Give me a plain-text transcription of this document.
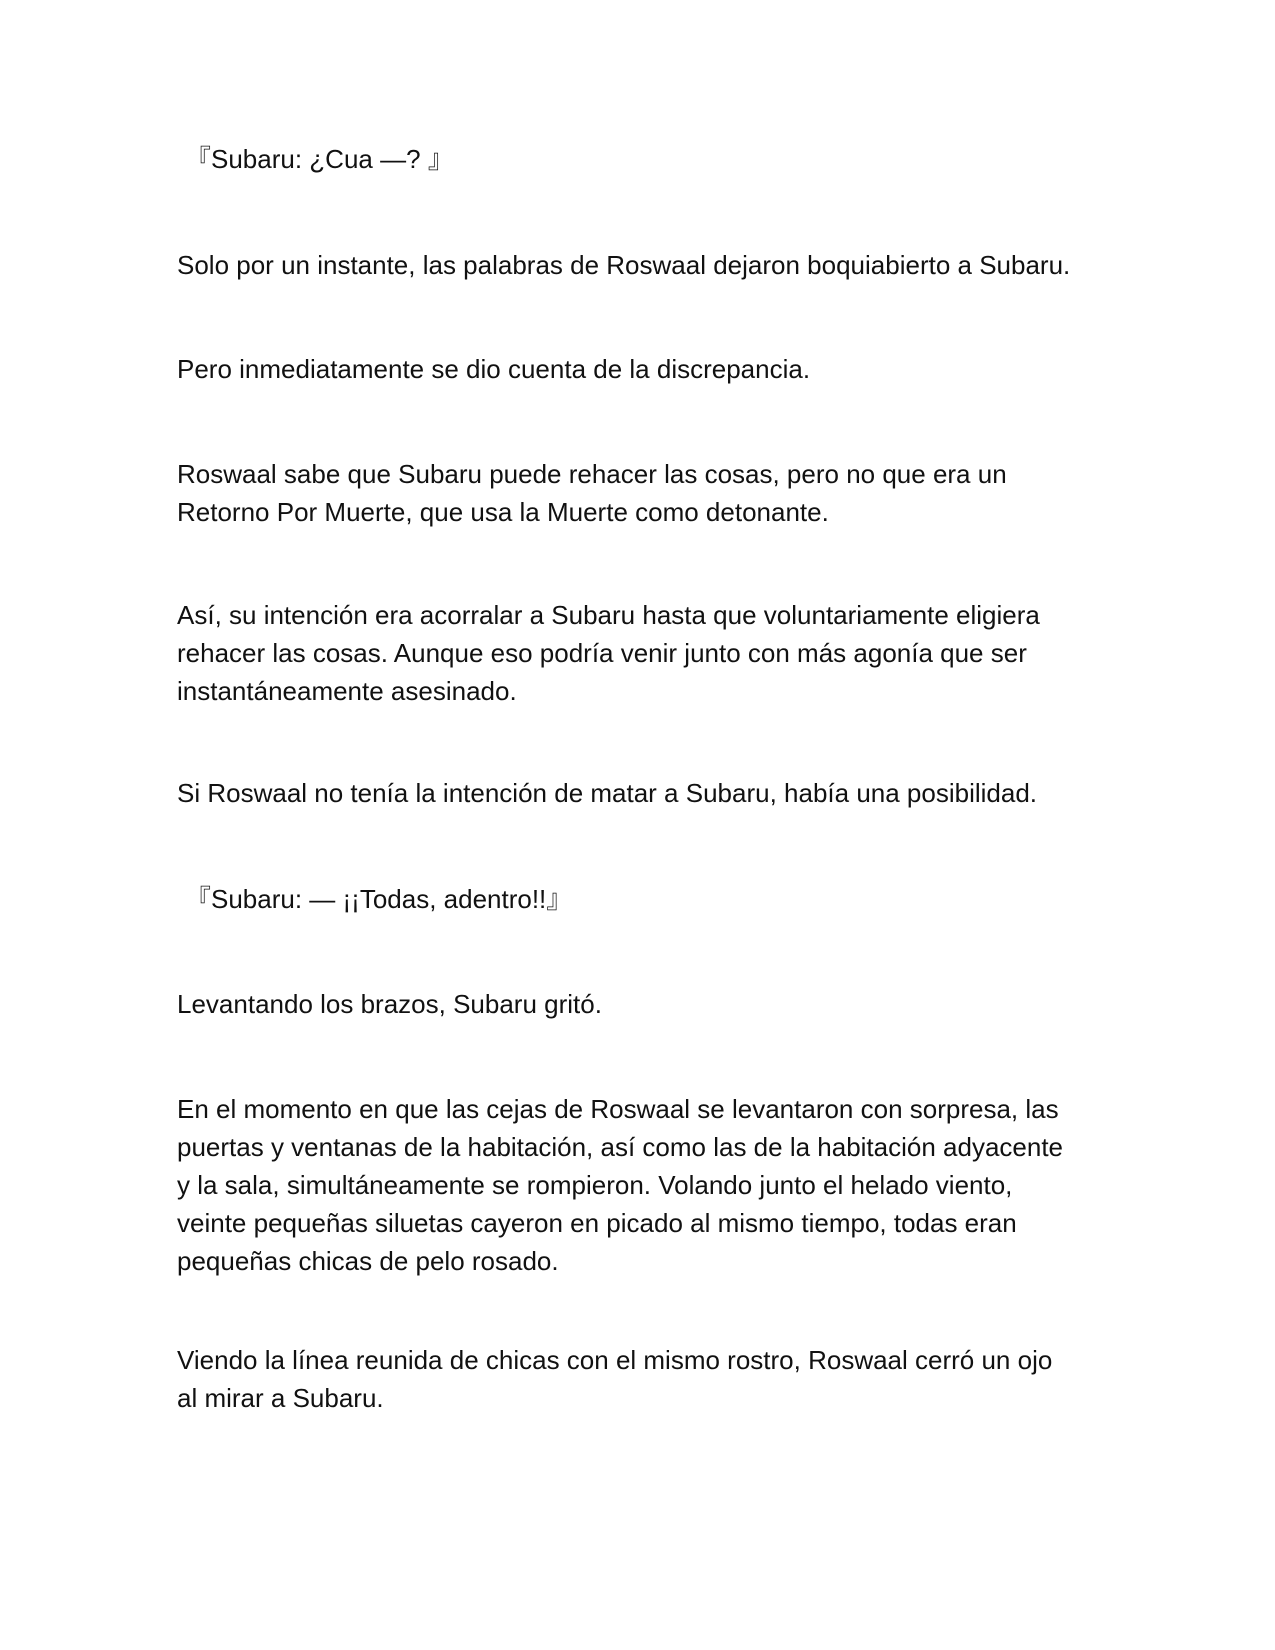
『Subaru: ¿Cua —? 』

Solo por un instante, las palabras de Roswaal dejaron boquiabierto a Subaru.

Pero inmediatamente se dio cuenta de la discrepancia.

Roswaal sabe que Subaru puede rehacer las cosas, pero no que era un
Retorno Por Muerte, que usa la Muerte como detonante.

Así, su intención era acorralar a Subaru hasta que voluntariamente eligiera
rehacer las cosas. Aunque eso podría venir junto con más agonía que ser
instantáneamente asesinado.

Si Roswaal no tenía la intención de matar a Subaru, había una posibilidad.

『Subaru: — ¡¡Todas, adentro!!』

Levantando los brazos, Subaru gritó.

En el momento en que las cejas de Roswaal se levantaron con sorpresa, las
puertas y ventanas de la habitación, así como las de la habitación adyacente
y la sala, simultáneamente se rompieron. Volando junto el helado viento,
veinte pequeñas siluetas cayeron en picado al mismo tiempo, todas eran
pequeñas chicas de pelo rosado.

Viendo la línea reunida de chicas con el mismo rostro, Roswaal cerró un ojo
al mirar a Subaru.
